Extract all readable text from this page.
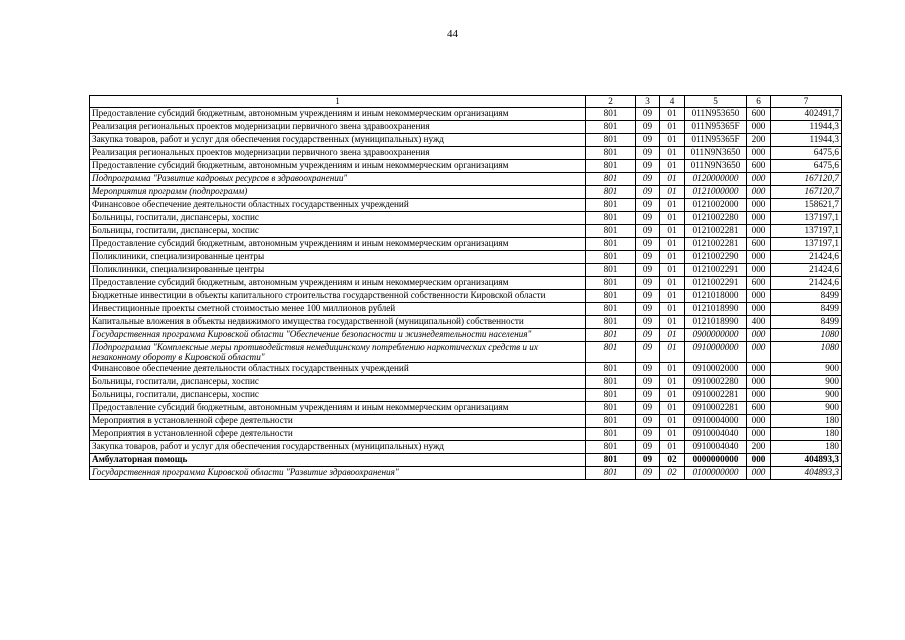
44
1	2	3	4	5	6	7
Предоставление субсидий бюджетным, автономным учреждениям и иным некоммерческим организациям	801	09	01	011N953650	600	402491,7
Реализация региональных проектов модернизации первичного звена здравоохранения	801	09	01	011N95365F	000	11944,3
Закупка товаров, работ и услуг для обеспечения государственных (муниципальных) нужд	801	09	01	011N95365F	200	11944,3
Реализация региональных проектов модернизации первичного звена здравоохранения	801	09	01	011N9N3650	000	6475,6
Предоставление субсидий бюджетным, автономным учреждениям и иным некоммерческим организациям	801	09	01	011N9N3650	600	6475,6
Подпрограмма "Развитие кадровых ресурсов в здравоохранении"	801	09	01	0120000000	000	167120,7
Мероприятия программ (подпрограмм)	801	09	01	0121000000	000	167120,7
Финансовое обеспечение деятельности областных государственных учреждений	801	09	01	0121002000	000	158621,7
Больницы, госпитали, диспансеры, хоспис	801	09	01	0121002280	000	137197,1
Больницы, госпитали, диспансеры, хоспис	801	09	01	0121002281	000	137197,1
Предоставление субсидий бюджетным, автономным учреждениям и иным некоммерческим организациям	801	09	01	0121002281	600	137197,1
Поликлиники, специализированные центры	801	09	01	0121002290	000	21424,6
Поликлиники, специализированные центры	801	09	01	0121002291	000	21424,6
Предоставление субсидий бюджетным, автономным учреждениям и иным некоммерческим организациям	801	09	01	0121002291	600	21424,6
Бюджетные инвестиции в объекты капитального строительства государственной собственности Кировской области	801	09	01	0121018000	000	8499
Инвестиционные проекты сметной стоимостью менее 100 миллионов рублей	801	09	01	0121018990	000	8499
Капитальные вложения в объекты недвижимого имущества государственной (муниципальной) собственности	801	09	01	0121018990	400	8499
Государственная программа Кировской области "Обеспечение безопасности и жизнедеятельности населения"	801	09	01	0900000000	000	1080
Подпрограмма "Комплексные меры противодействия немедицинскому потреблению наркотических средств и их незаконному обороту в Кировской области"	801	09	01	0910000000	000	1080
Финансовое обеспечение деятельности областных государственных учреждений	801	09	01	0910002000	000	900
Больницы, госпитали, диспансеры, хоспис	801	09	01	0910002280	000	900
Больницы, госпитали, диспансеры, хоспис	801	09	01	0910002281	000	900
Предоставление субсидий бюджетным, автономным учреждениям и иным некоммерческим организациям	801	09	01	0910002281	600	900
Мероприятия в установленной сфере деятельности	801	09	01	0910004000	000	180
Мероприятия в установленной сфере деятельности	801	09	01	0910004040	000	180
Закупка товаров, работ и услуг для обеспечения государственных (муниципальных) нужд	801	09	01	0910004040	200	180
Амбулаторная помощь	801	09	02	0000000000	000	404893,3
Государственная программа Кировской области "Развитие здравоохранения"	801	09	02	0100000000	000	404893,3
